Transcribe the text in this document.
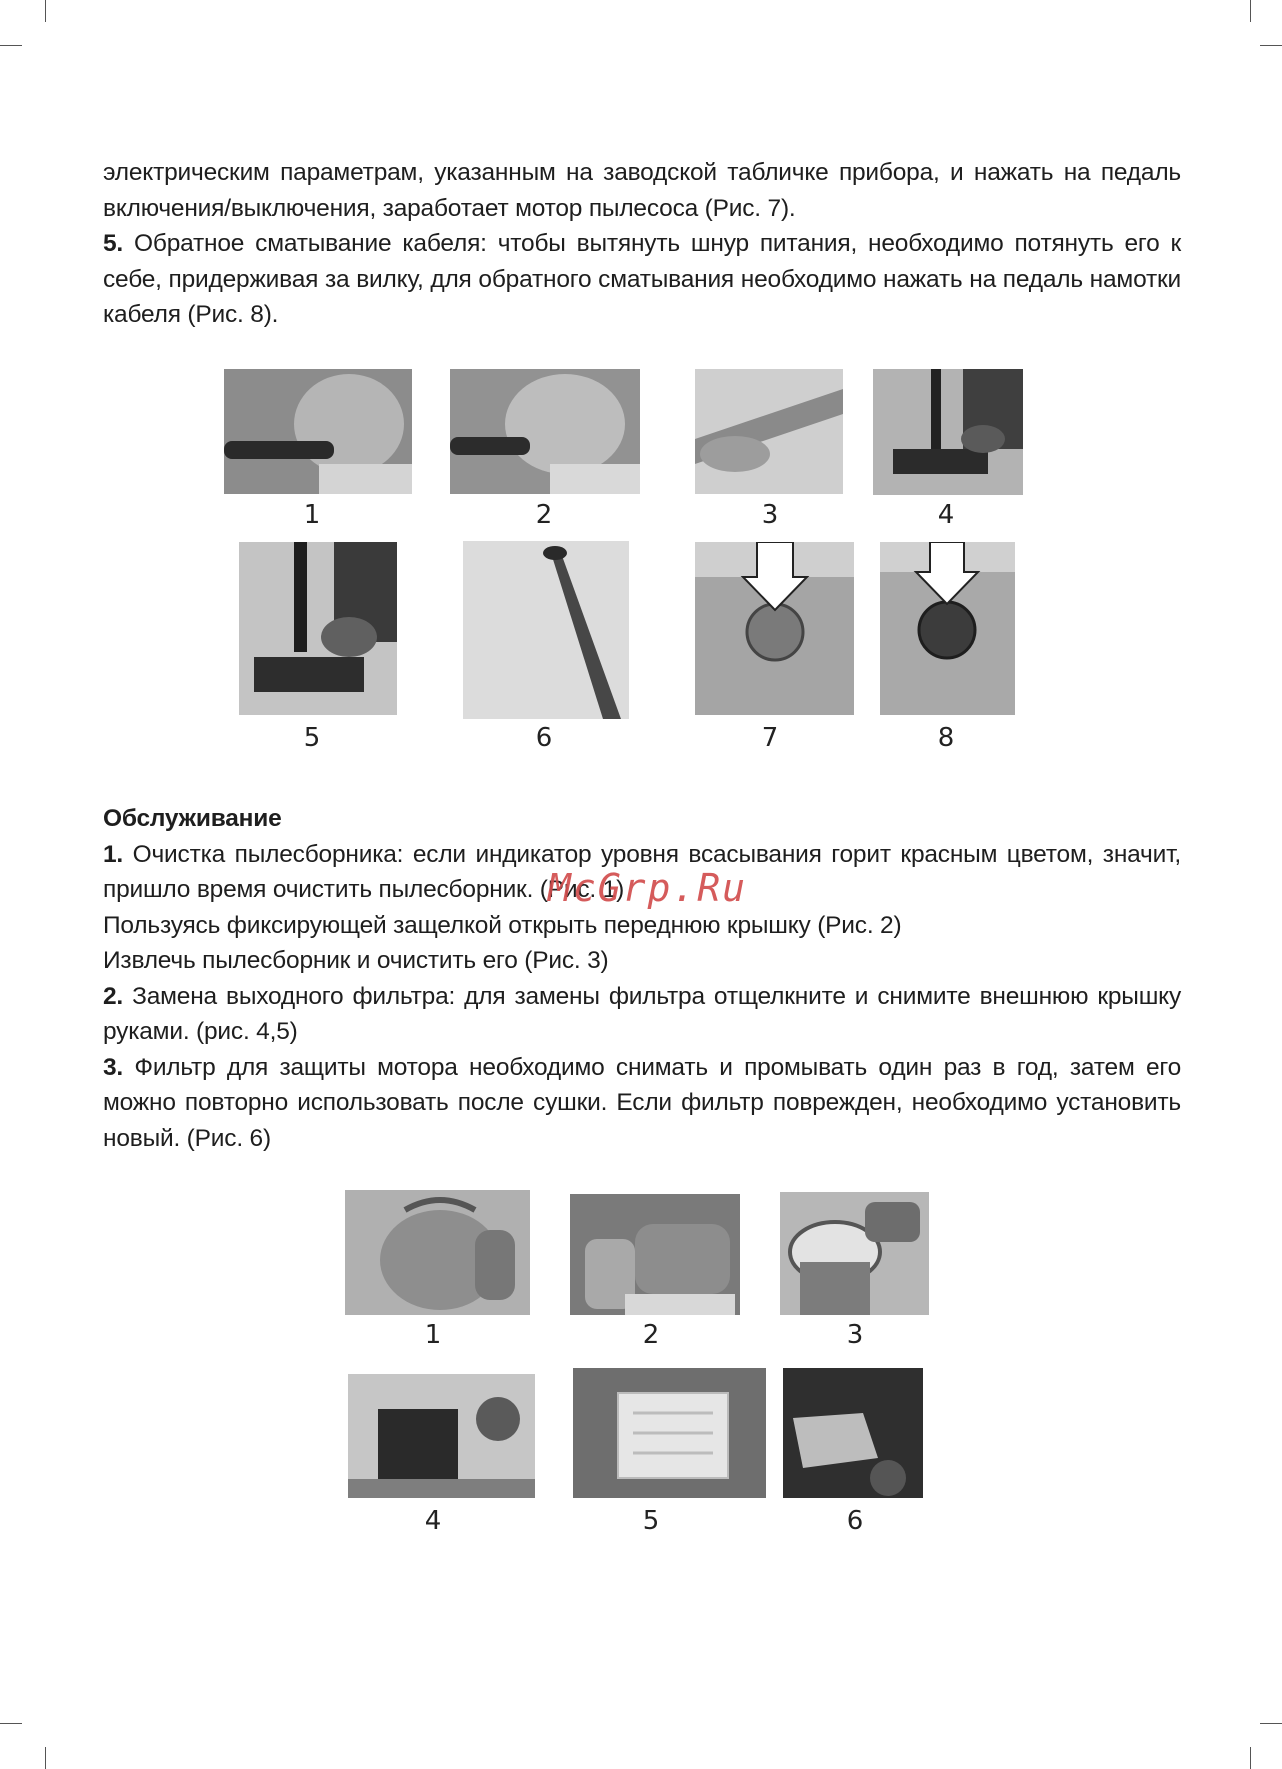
электрическим параметрам, указанным на заводской табличке прибора, и нажать на педаль включения/выключения, заработает мотор пылесоса (Рис. 7).

5. Обратное сматывание кабеля: чтобы вытянуть шнур питания, необходимо потянуть его к себе, придерживая за вилку, для обратного сматывания необходимо нажать на педаль намотки кабеля (Рис. 8).

1	2	3	4
5	6	7	8

Обслуживание

1. Очистка пылесборника: если индикатор уровня всасывания горит красным цветом, значит, пришло время очистить пылесборник. (Рис. 1)

Пользуясь фиксирующей защелкой открыть переднюю крышку (Рис. 2)

Извлечь пылесборник и очистить его (Рис. 3)

2. Замена выходного фильтра: для замены фильтра отщелкните и снимите внешнюю крышку руками. (рис. 4,5)

3. Фильтр для защиты мотора необходимо снимать и промывать один раз в год, затем его можно повторно использовать после сушки. Если фильтр поврежден, необходимо установить новый. (Рис. 6)

McGrp.Ru
1	2	3
4	5	6
